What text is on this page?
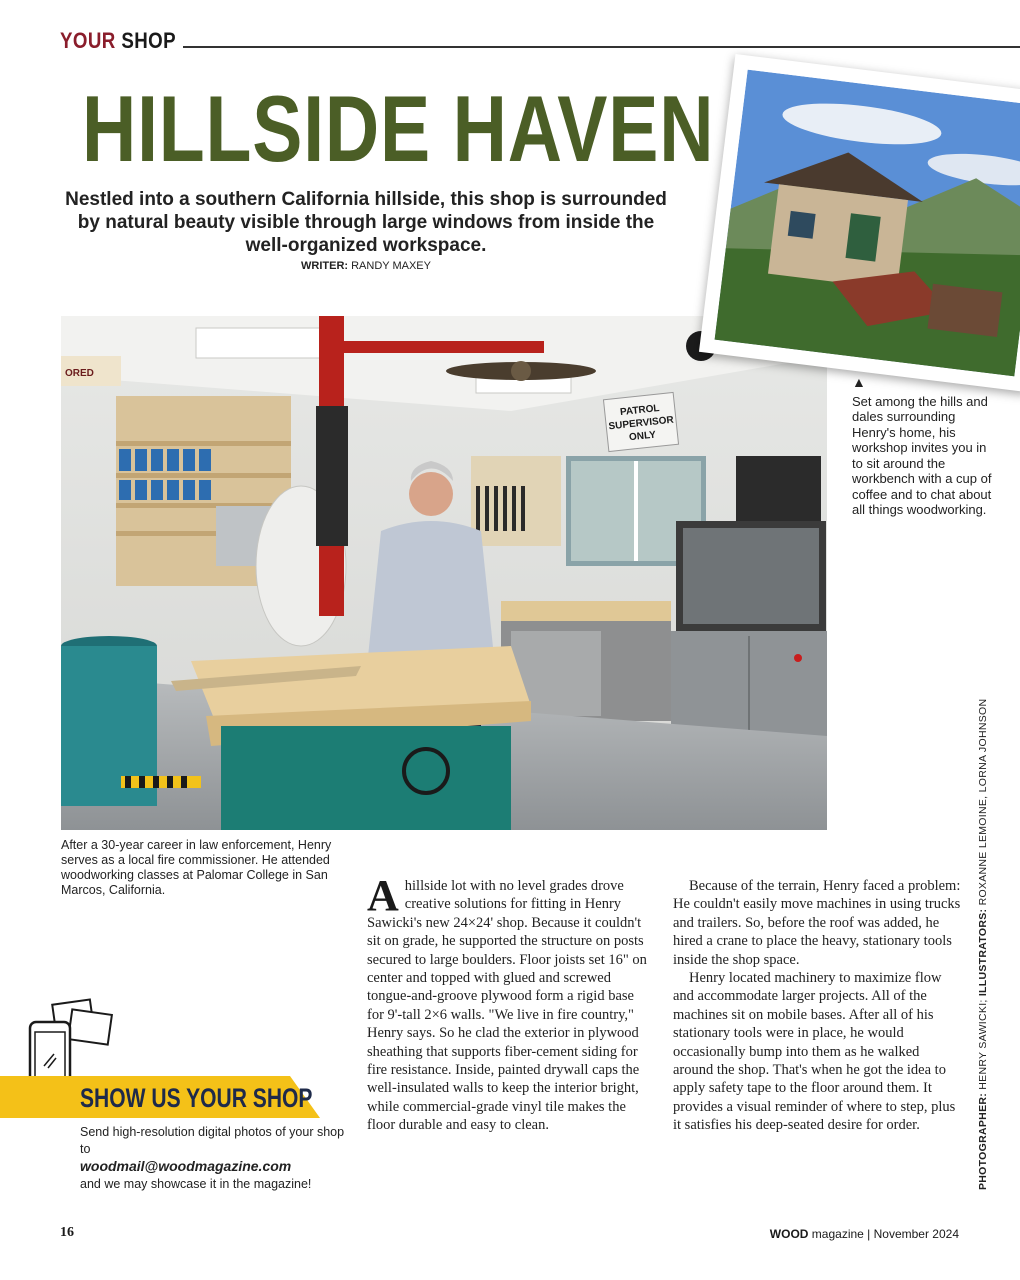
YOUR SHOP
HILLSIDE HAVEN
Nestled into a southern California hillside, this shop is surrounded by natural beauty visible through large windows from inside the well-organized workspace.
WRITER: RANDY MAXEY
ORED
PATROL
SUPERVISOR
ONLY
▲
Set among the hills and dales surrounding Henry's home, his workshop invites you in to sit around the workbench with a cup of coffee and to chat about all things woodworking.
After a 30-year career in law enforcement, Henry serves as a local fire commissioner. He attended woodworking classes at Palomar College in San Marcos, California.
PHOTOGRAPHER: HENRY SAWICKI; ILLUSTRATORS: ROXANNE LEMOINE, LORNA JOHNSON

Ahillside lot with no level grades drove creative solutions for fitting in Henry Sawicki's new 24×24' shop. Because it couldn't sit on grade, he supported the structure on posts secured to large boulders. Floor joists set 16" on center and topped with glued and screwed tongue-and-groove plywood form a rigid base for 9'-tall 2×6 walls. "We live in fire country," Henry says. So he clad the exterior in plywood sheathing that supports fiber-cement siding for fire resistance. Inside, painted drywall caps the well-insulated walls to keep the interior bright, while commercial-grade vinyl tile makes the floor durable and easy to clean.

Because of the terrain, Henry faced a problem: He couldn't easily move machines in using trucks and trailers. So, before the roof was added, he hired a crane to place the heavy, stationary tools inside the shop space.

Henry located machinery to maximize flow and accommodate larger projects. All of the machines sit on mobile bases. After all of his stationary tools were in place, he would occasionally bump into them as he walked around the shop. That's when he got the idea to apply safety tape to the floor around them. It provides a visual reminder of where to step, plus it satisfies his deep-seated desire for order.

SHOW US YOUR SHOP
Send high-resolution digital photos of your shop to
woodmail@woodmagazine.com
and we may showcase it in the magazine!
16	WOOD magazine | November 2024
